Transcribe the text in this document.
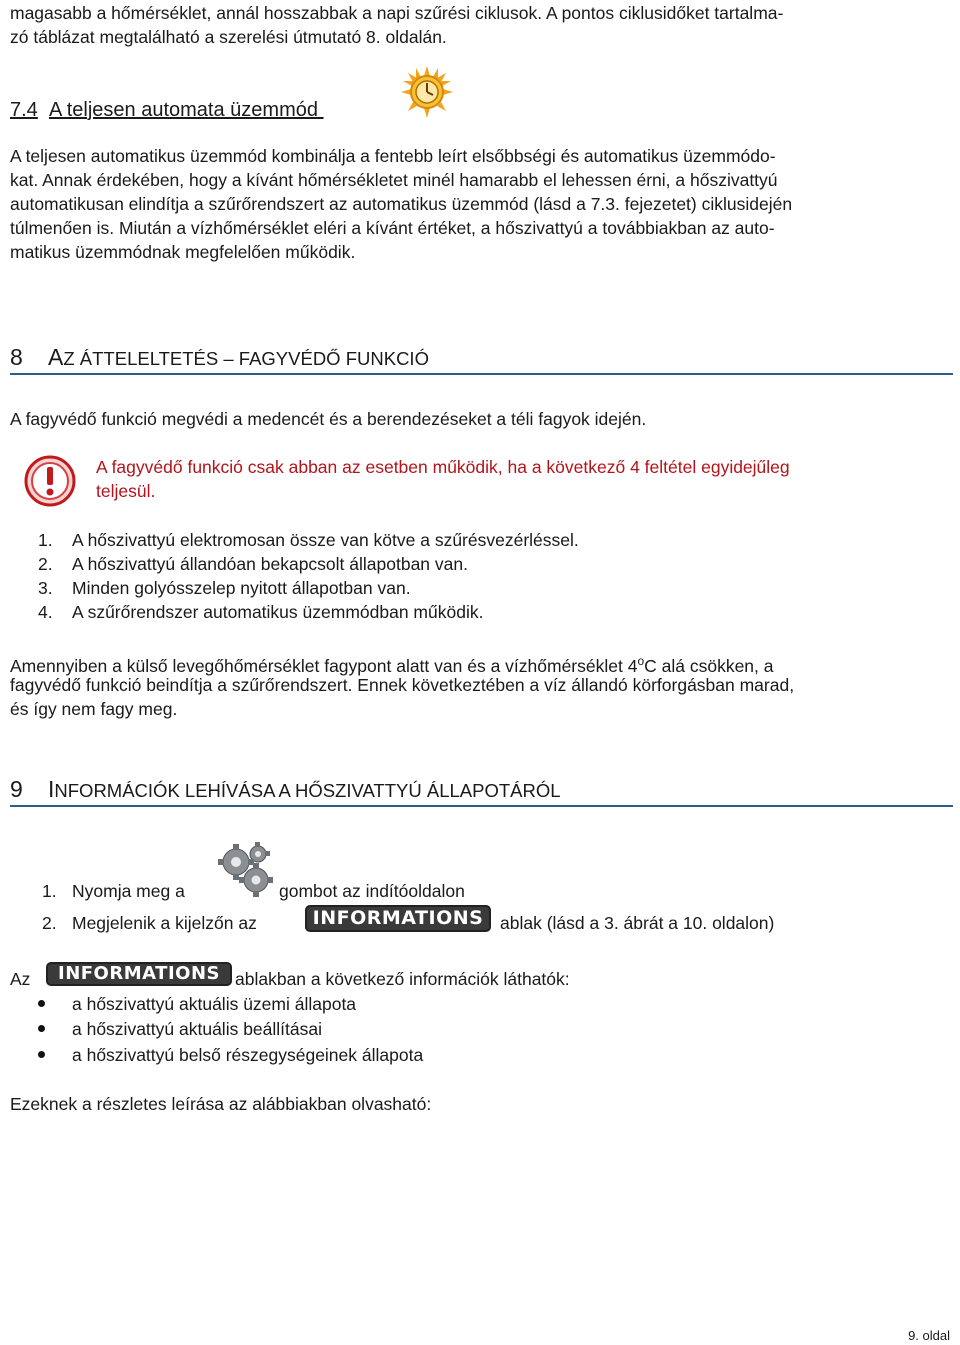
magasabb a hőmérséklet, annál hosszabbak a napi szűrési ciklusok. A pontos ciklusidőket tartalma-
zó táblázat megtalálható a szerelési útmutató 8. oldalán.
7.4 A teljesen automata üzemmód
A teljesen automatikus üzemmód kombinálja a fentebb leírt elsőbbségi és automatikus üzemmódo-
kat. Annak érdekében, hogy a kívánt hőmérsékletet minél hamarabb el lehessen érni, a hőszivattyú
automatikusan elindítja a szűrőrendszert az automatikus üzemmód (lásd a 7.3. fejezetet) ciklusidején
túlmenően is. Miután a vízhőmérséklet eléri a kívánt értéket, a hőszivattyú a továbbiakban az auto-
matikus üzemmódnak megfelelően működik.
8 AZ ÁTTELELTETÉS – FAGYVÉDŐ FUNKCIÓ
A fagyvédő funkció megvédi a medencét és a berendezéseket a téli fagyok idején.
A fagyvédő funkció csak abban az esetben működik, ha a következő 4 feltétel egyidejűleg
teljesül.
1. A hőszivattyú elektromosan össze van kötve a szűrésvezérléssel.
2. A hőszivattyú állandóan bekapcsolt állapotban van.
3. Minden golyósszelep nyitott állapotban van.
4. A szűrőrendszer automatikus üzemmódban működik.
Amennyiben a külső levegőhőmérséklet fagypont alatt van és a vízhőmérséklet 4$^o$C alá csökken, a
fagyvédő funkció beindítja a szűrőrendszert. Ennek következtében a víz állandó körforgásban marad,
és így nem fagy meg.
9 INFORMÁCIÓK LEHÍVÁSA A HŐSZIVATTYÚ ÁLLAPOTÁRÓL
1. Nyomja meg a	gombot az indítóoldalon
2. Megjelenik a kijelzőn az	INFORMATIONS ablak (lásd a 3. ábrát a 10. oldalon)
Az	INFORMATIONS ablakban a következő információk láthatók:
a hőszivattyú aktuális üzemi állapota
a hőszivattyú aktuális beállításai
a hőszivattyú belső részegységeinek állapota
Ezeknek a részletes leírása az alábbiakban olvasható:
9. oldal
